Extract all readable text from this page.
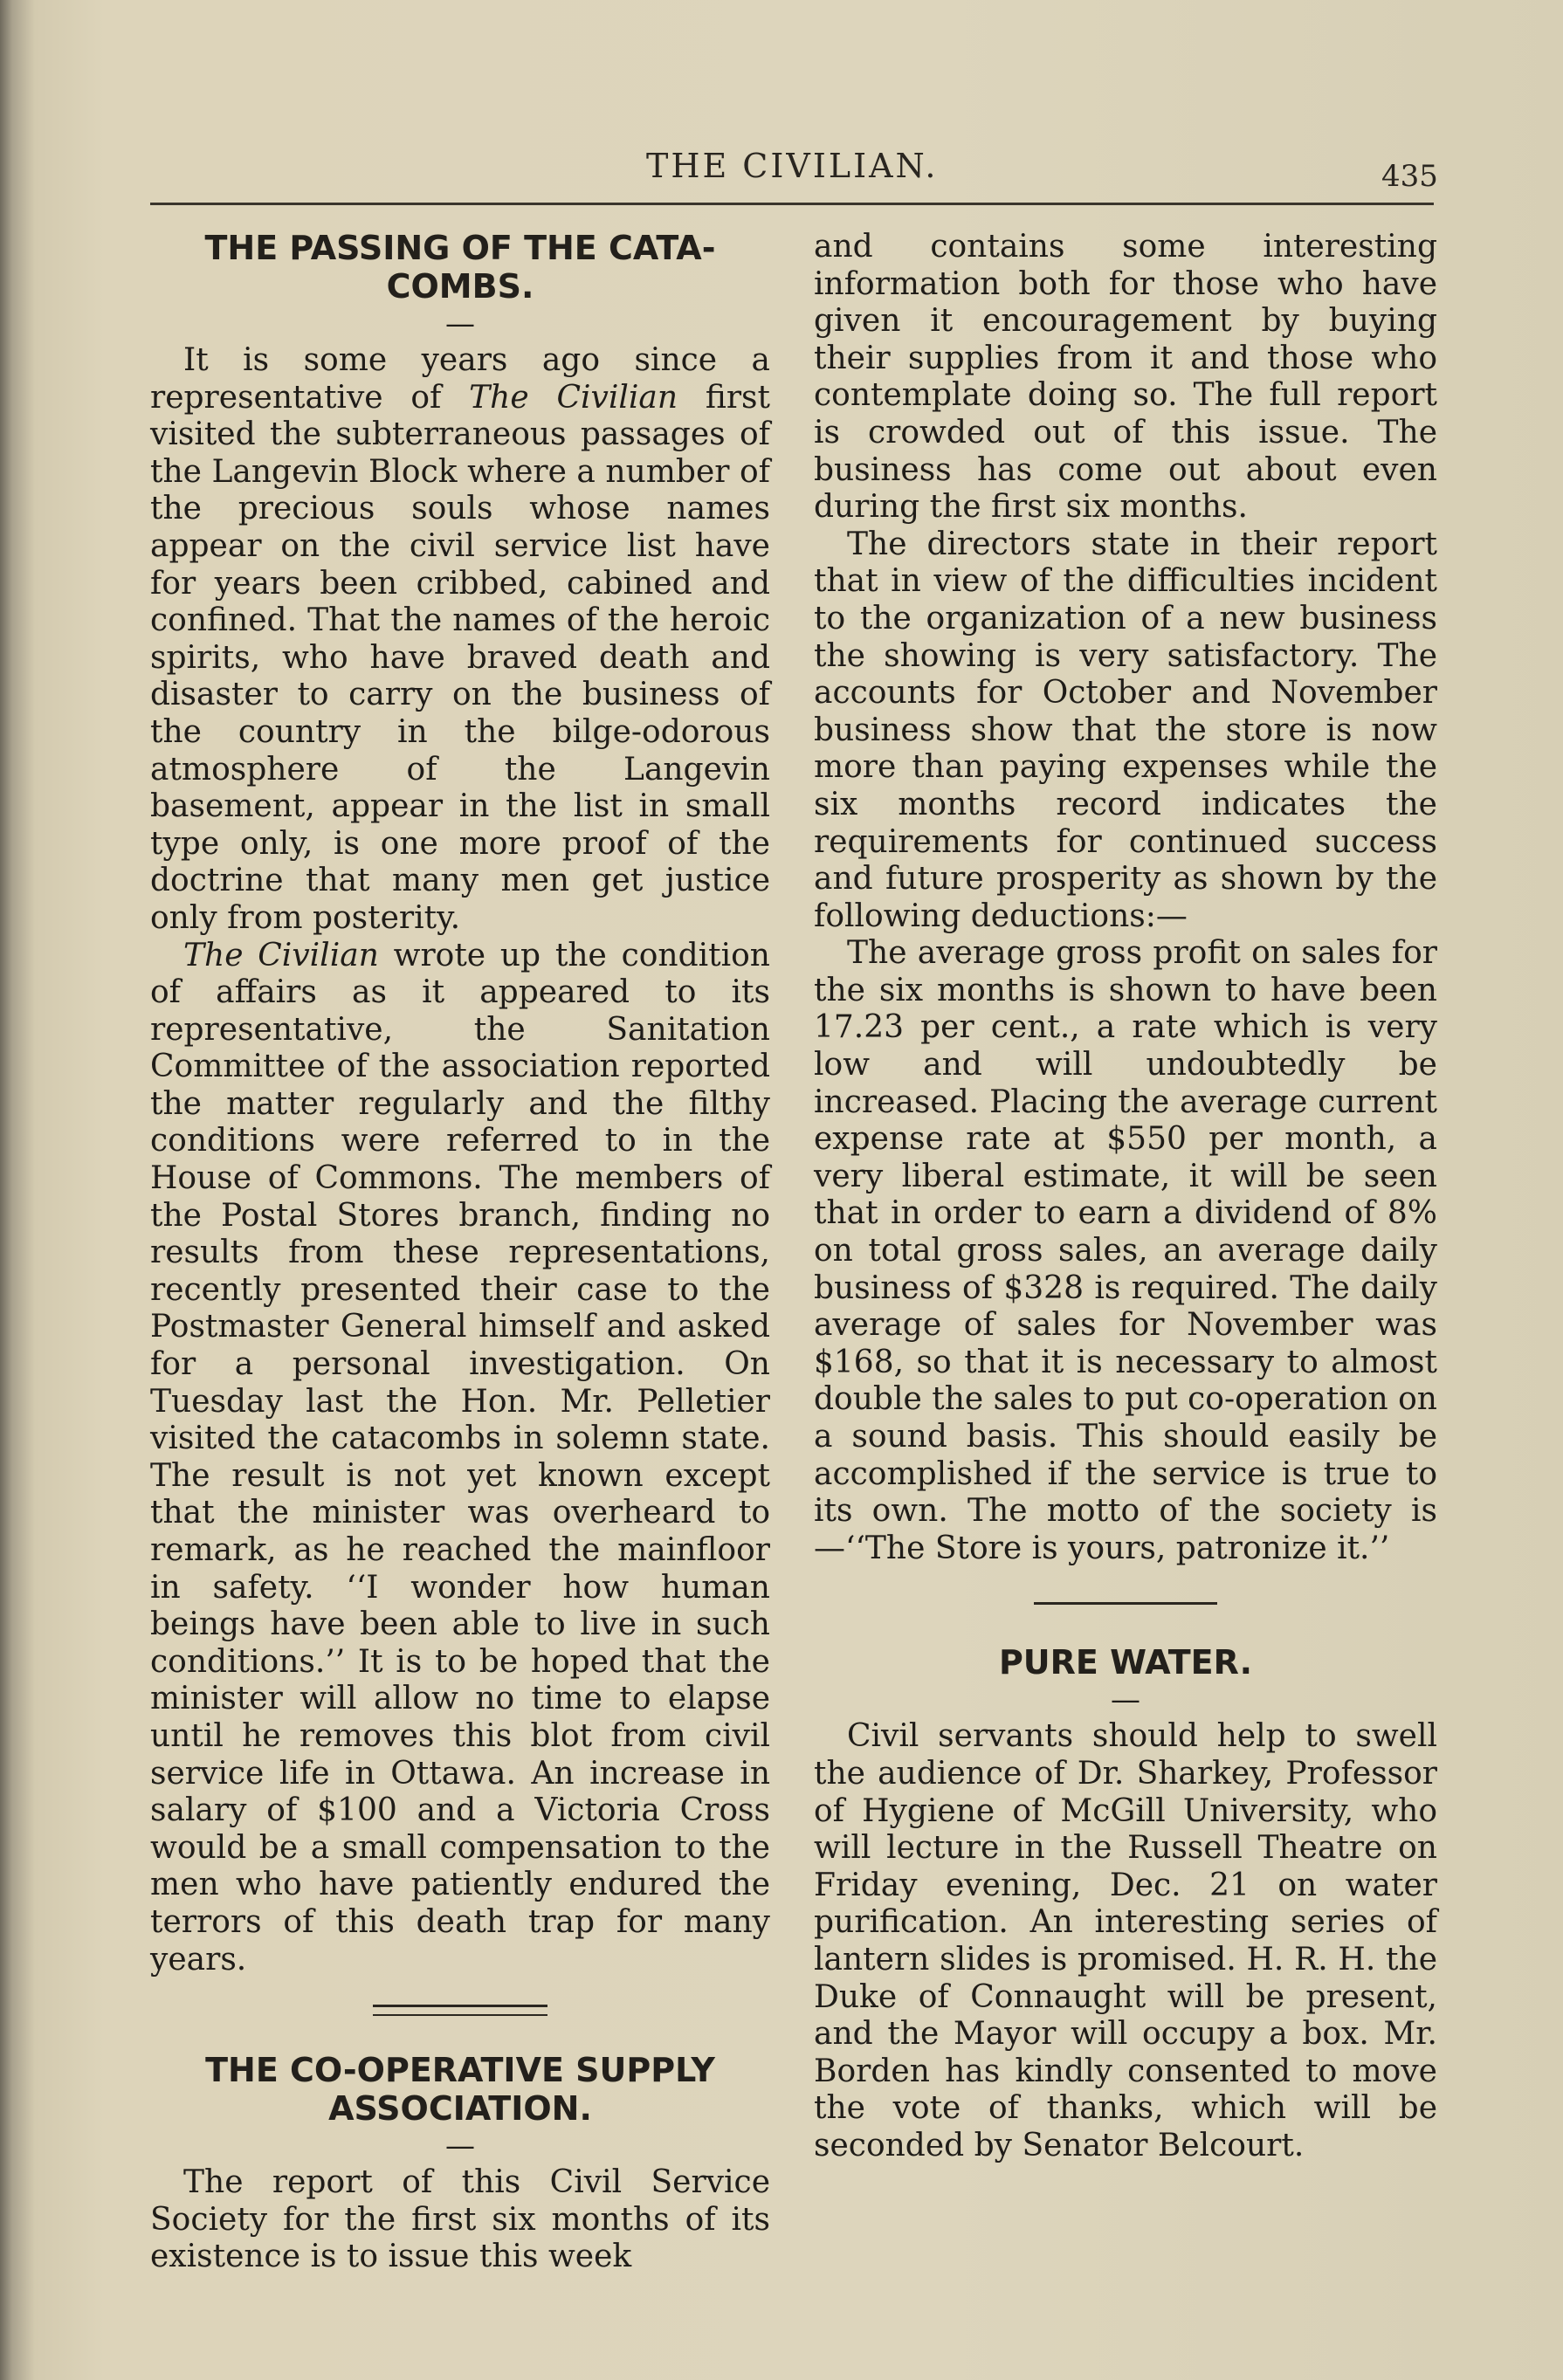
THE CIVILIAN.	435
THE PASSING OF THE CATA-COMBS.
—

It is some years ago since a representative of The Civilian first visited the subterraneous passages of the Langevin Block where a number of the precious souls whose names appear on the civil service list have for years been cribbed, cabined and confined. That the names of the heroic spirits, who have braved death and disaster to carry on the business of the country in the bilge-odorous atmosphere of the Langevin basement, appear in the list in small type only, is one more proof of the doctrine that many men get justice only from posterity.

The Civilian wrote up the condition of affairs as it appeared to its representative, the Sanitation Committee of the association reported the matter regularly and the filthy conditions were referred to in the House of Commons. The members of the Postal Stores branch, finding no results from these representations, recently presented their case to the Postmaster General himself and asked for a personal investigation. On Tuesday last the Hon. Mr. Pelletier visited the catacombs in solemn state. The result is not yet known except that the minister was overheard to remark, as he reached the mainfloor in safety. ‘‘I wonder how human beings have been able to live in such conditions.’’ It is to be hoped that the minister will allow no time to elapse until he removes this blot from civil service life in Ottawa. An increase in salary of $100 and a Victoria Cross would be a small compensation to the men who have patiently endured the terrors of this death trap for many years.

THE CO-OPERATIVE SUPPLY ASSOCIATION.
—

The report of this Civil Service Society for the first six months of its existence is to issue this week

and contains some interesting information both for those who have given it encouragement by buying their supplies from it and those who contemplate doing so. The full report is crowded out of this issue. The business has come out about even during the first six months.

The directors state in their report that in view of the difficulties incident to the organization of a new business the showing is very satisfactory. The accounts for October and November business show that the store is now more than paying expenses while the six months record indicates the requirements for continued success and future prosperity as shown by the following deductions:—

The average gross profit on sales for the six months is shown to have been 17.23 per cent., a rate which is very low and will undoubtedly be increased. Placing the average current expense rate at $550 per month, a very liberal estimate, it will be seen that in order to earn a dividend of 8% on total gross sales, an average daily business of $328 is required. The daily average of sales for November was $168, so that it is necessary to almost double the sales to put co-operation on a sound basis. This should easily be accomplished if the service is true to its own. The motto of the society is—‘‘The Store is yours, patronize it.’’

PURE WATER.
—

Civil servants should help to swell the audience of Dr. Sharkey, Professor of Hygiene of McGill University, who will lecture in the Russell Theatre on Friday evening, Dec. 21 on water purification. An interesting series of lantern slides is promised. H. R. H. the Duke of Connaught will be present, and the Mayor will occupy a box. Mr. Borden has kindly consented to move the vote of thanks, which will be seconded by Senator Belcourt.
